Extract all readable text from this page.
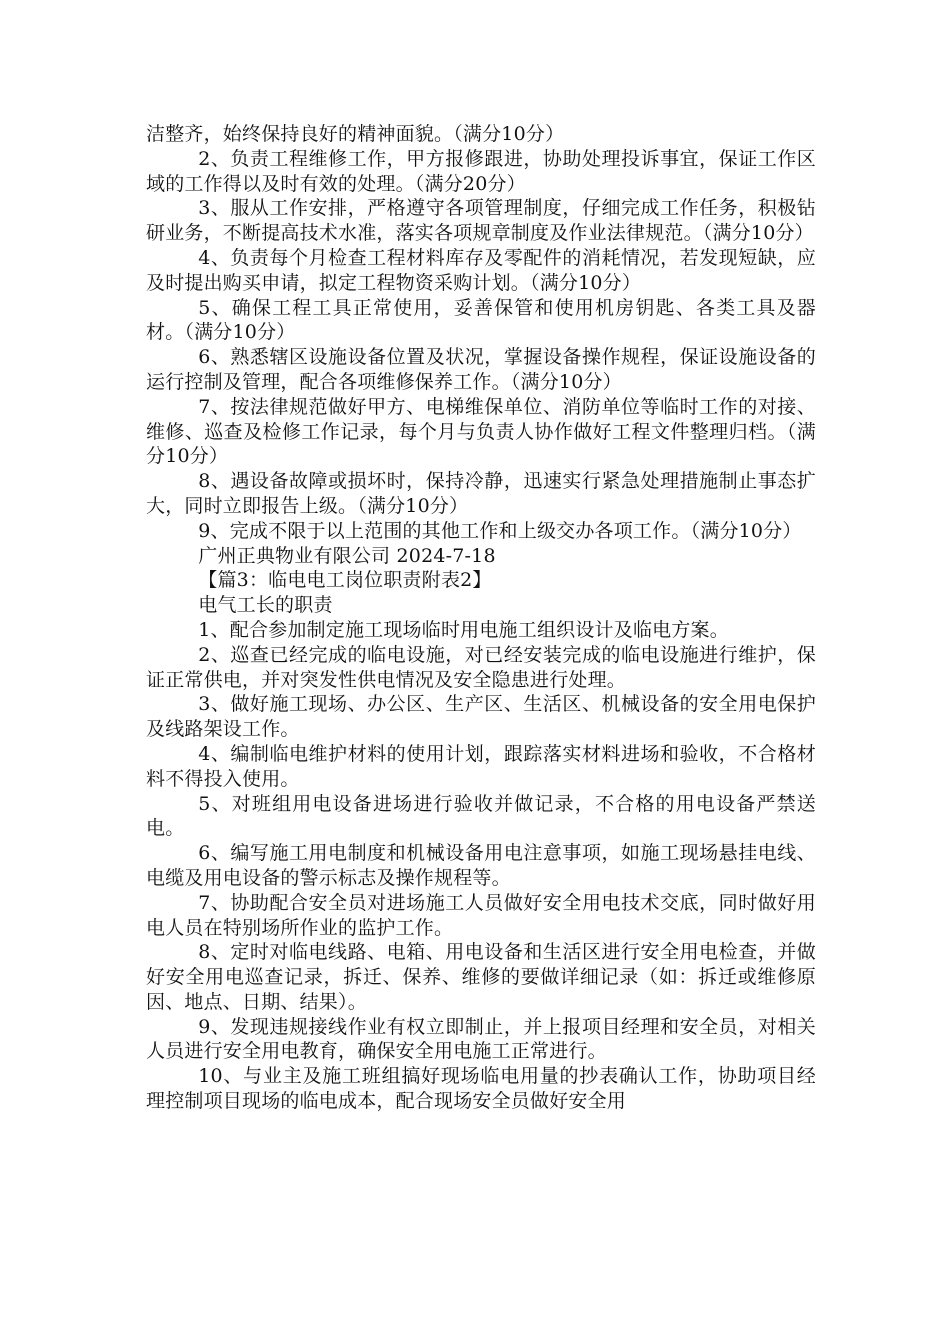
洁整齐，始终保持良好的精神面貌。（满分10分）

2、负责工程维修工作，甲方报修跟进，协助处理投诉事宜，保证工作区域的工作得以及时有效的处理。（满分20分）

3、服从工作安排，严格遵守各项管理制度，仔细完成工作任务，积极钻研业务，不断提高技术水准，落实各项规章制度及作业法律规范。（满分10分）

4、负责每个月检查工程材料库存及零配件的消耗情况，若发现短缺，应及时提出购买申请，拟定工程物资采购计划。（满分10分）

5、确保工程工具正常使用，妥善保管和使用机房钥匙、各类工具及器材。（满分10分）

6、熟悉辖区设施设备位置及状况，掌握设备操作规程，保证设施设备的运行控制及管理，配合各项维修保养工作。（满分10分）

7、按法律规范做好甲方、电梯维保单位、消防单位等临时工作的对接、维修、巡查及检修工作记录，每个月与负责人协作做好工程文件整理归档。（满分10分）

8、遇设备故障或损坏时，保持冷静，迅速实行紧急处理措施制止事态扩大，同时立即报告上级。（满分10分）

9、完成不限于以上范围的其他工作和上级交办各项工作。（满分10分）

广州正典物业有限公司 2024-7-18

【篇3：临电电工岗位职责附表2】

电气工长的职责

1、配合参加制定施工现场临时用电施工组织设计及临电方案。

2、巡查已经完成的临电设施，对已经安装完成的临电设施进行维护，保证正常供电，并对突发性供电情况及安全隐患进行处理。

3、做好施工现场、办公区、生产区、生活区、机械设备的安全用电保护及线路架设工作。

4、编制临电维护材料的使用计划，跟踪落实材料进场和验收，不合格材料不得投入使用。

5、对班组用电设备进场进行验收并做记录，不合格的用电设备严禁送电。

6、编写施工用电制度和机械设备用电注意事项，如施工现场悬挂电线、电缆及用电设备的警示标志及操作规程等。

7、协助配合安全员对进场施工人员做好安全用电技术交底，同时做好用电人员在特别场所作业的监护工作。

8、定时对临电线路、电箱、用电设备和生活区进行安全用电检查，并做好安全用电巡查记录，拆迁、保养、维修的要做详细记录（如：拆迁或维修原因、地点、日期、结果）。

9、发现违规接线作业有权立即制止，并上报项目经理和安全员，对相关人员进行安全用电教育，确保安全用电施工正常进行。

10、与业主及施工班组搞好现场临电用量的抄表确认工作，协助项目经理控制项目现场的临电成本，配合现场安全员做好安全用
